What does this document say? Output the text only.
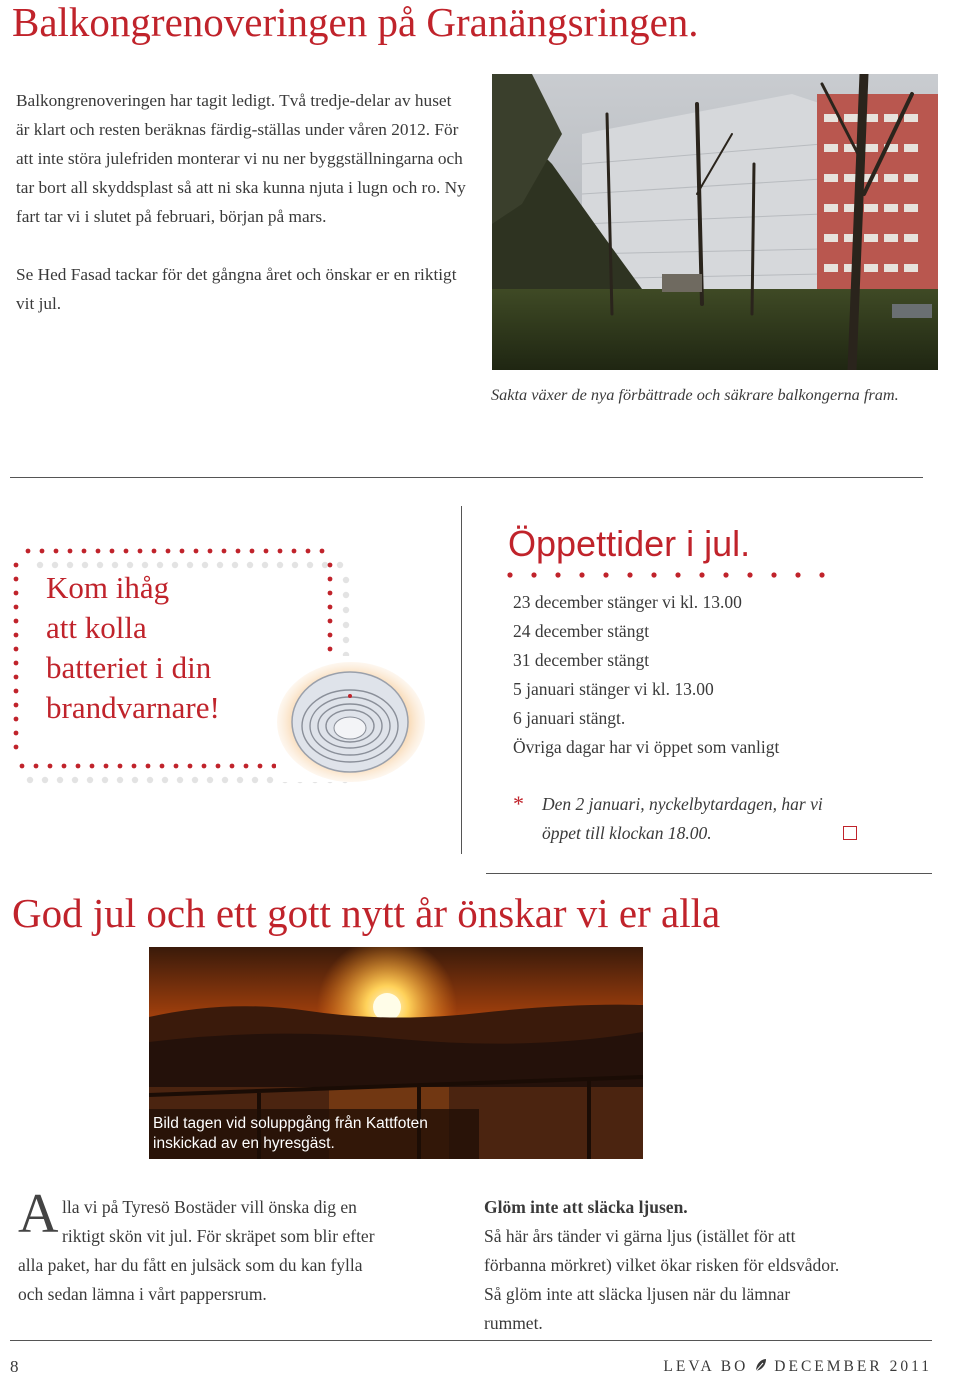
Balkongrenoveringen på Granängsringen.

Balkongrenoveringen har tagit ledigt. Två tredje-delar av huset är klart och resten beräknas färdig-ställas under våren 2012. För att inte störa julefriden monterar vi nu ner byggställningarna och tar bort all skyddsplast så att ni ska kunna njuta i lugn och ro. Ny fart tar vi i slutet på februari, början på mars.

Se Hed Fasad tackar för det gångna året och önskar er en riktigt vit jul.

Sakta växer de nya förbättrade och säkrare balkongerna fram.
Kom ihåg
att kolla
batteriet i din
brandvarnare!
Öppettider i jul.
23 december stänger vi kl. 13.00
24 december stängt
31 december stängt
5 januari stänger vi kl. 13.00
6 januari stängt.
Övriga dagar har vi öppet som vanligt
* Den 2 januari, nyckelbytardagen, har vi
öppet till klockan 18.00.
God jul och ett gott nytt år önskar vi er alla
Bild tagen vid soluppgång från Kattfoten
inskickad av en hyresgäst.
A lla vi på Tyresö Bostäder vill önska dig en
riktigt skön vit jul. För skräpet som blir efter
alla paket, har du fått en julsäck som du kan fylla
och sedan lämna i vårt pappersrum.
Glöm inte att släcka ljusen.
Så här års tänder vi gärna ljus (istället för att
förbanna mörkret) vilket ökar risken för eldsvådor.
Så glöm inte att släcka ljusen när du lämnar
rummet.
8	LEVA BO DECEMBER 2011
